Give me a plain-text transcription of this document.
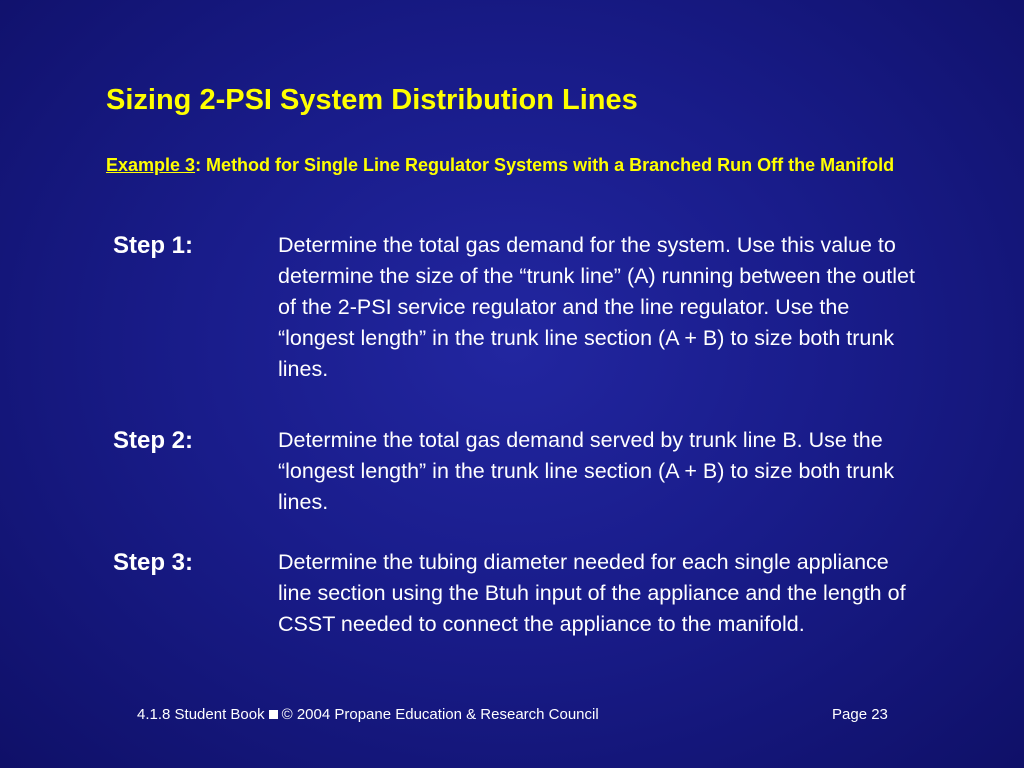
Sizing 2-PSI System Distribution Lines
Example 3: Method for Single Line Regulator Systems with a Branched Run Off the Manifold
Step 1:	Determine the total gas demand for the system. Use this value to determine the size of the “trunk line” (A) running between the outlet of the 2-PSI service regulator and the line regulator. Use the “longest length” in the trunk line section (A + B) to size both trunk lines.
Step 2:	Determine the total gas demand served by trunk line B. Use the “longest length” in the trunk line section (A + B) to size both trunk lines.
Step 3:	Determine the tubing diameter needed for each single appliance line section using the Btuh input of the appliance and the length of CSST needed to connect the appliance to the manifold.
4.1.8 Student Book © 2004 Propane Education & Research Council	Page 23
